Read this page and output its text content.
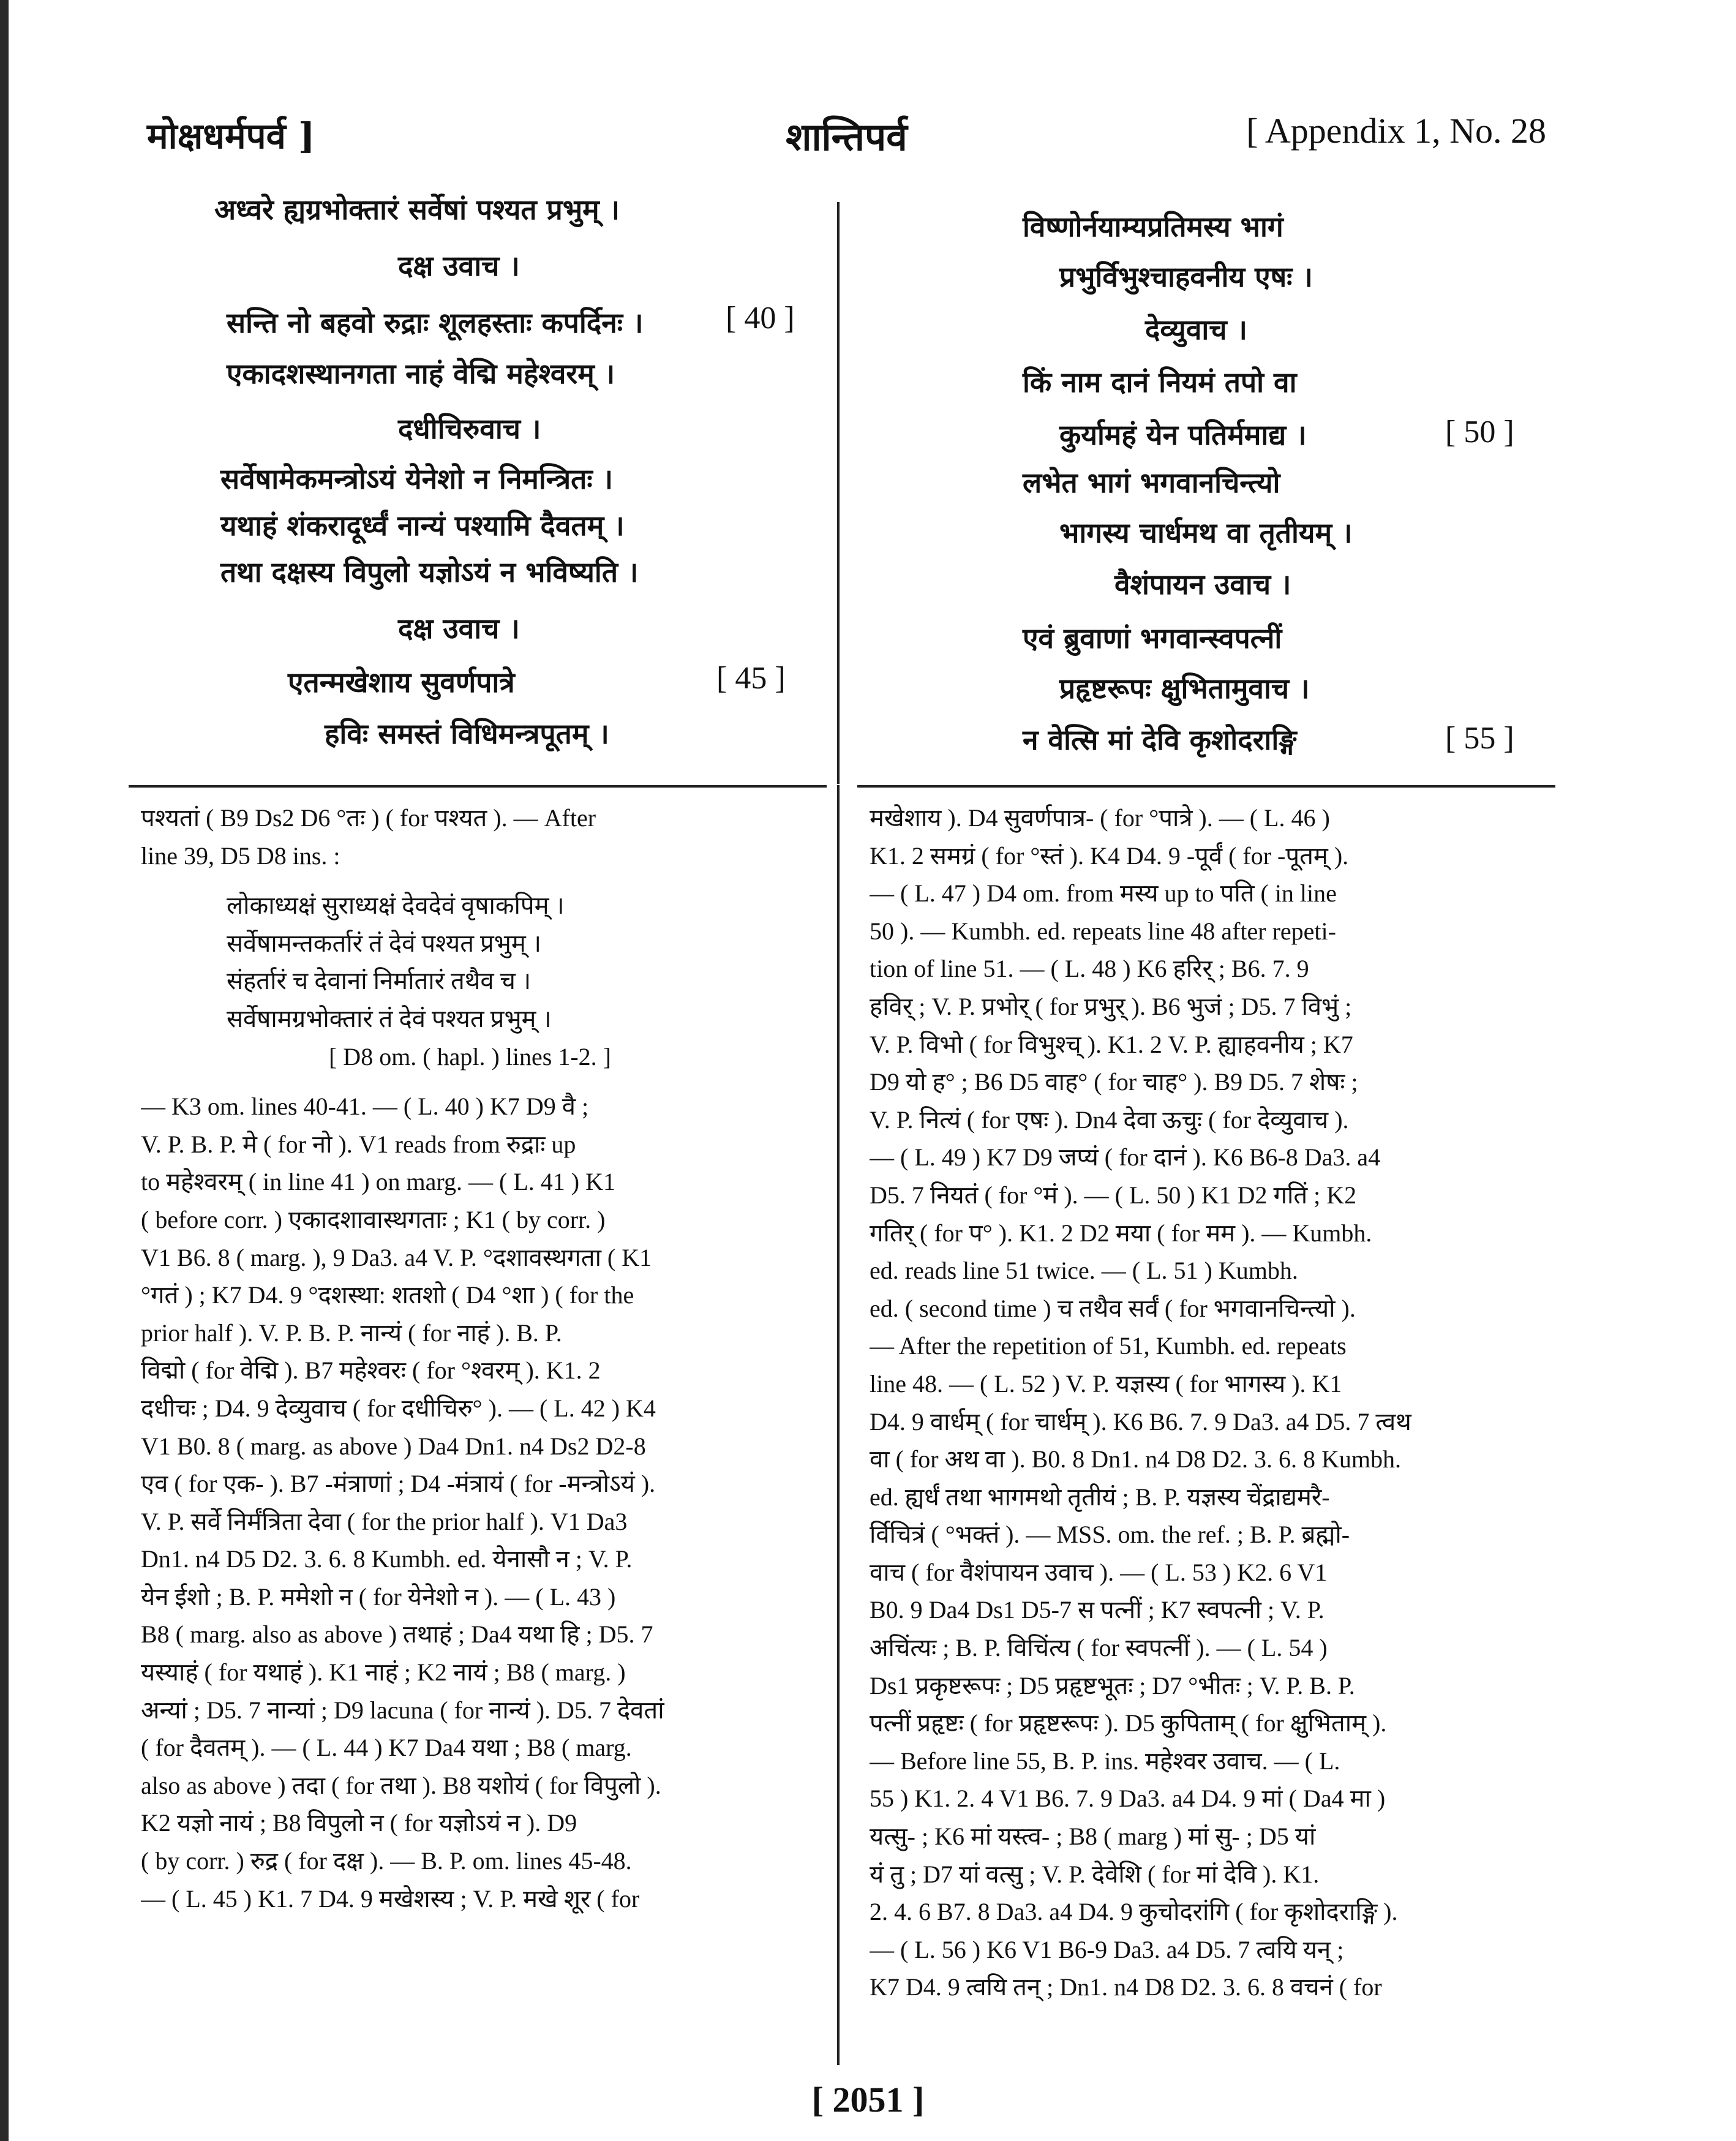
मोक्षधर्मपर्व ]	शान्तिपर्व	[ Appendix 1, No. 28
अध्वरे ह्यग्रभोक्तारं सर्वेषां पश्यत प्रभुम् ।
दक्ष उवाच ।
सन्ति नो बहवो रुद्राः शूलहस्ताः कपर्दिनः ।	[ 40 ]
एकादशस्थानगता नाहं वेद्मि महेश्वरम् ।
दधीचिरुवाच ।
सर्वेषामेकमन्त्रोऽयं येनेशो न निमन्त्रितः ।
यथाहं शंकरादूर्ध्वं नान्यं पश्यामि दैवतम् ।
तथा दक्षस्य विपुलो यज्ञोऽयं न भविष्यति ।
दक्ष उवाच ।
एतन्मखेशाय सुवर्णपात्रे	[ 45 ]
हविः समस्तं विधिमन्त्रपूतम् ।
विष्णोर्नयाम्यप्रतिमस्य भागं
प्रभुर्विभुश्चाहवनीय एषः ।
देव्युवाच ।
किं नाम दानं नियमं तपो वा
कुर्यामहं येन पतिर्ममाद्य ।	[ 50 ]
लभेत भागं भगवानचिन्त्यो
भागस्य चार्धमथ वा तृतीयम् ।
वैशंपायन उवाच ।
एवं ब्रुवाणां भगवान्स्वपत्नीं
प्रहृष्टरूपः क्षुभितामुवाच ।
न वेत्सि मां देवि कृशोदराङ्गि	[ 55 ]
पश्यतां ( B9 Ds2 D6 °तः ) ( for पश्यत ). — After
line 39, D5 D8 ins. :
लोकाध्यक्षं सुराध्यक्षं देवदेवं वृषाकपिम् ।
सर्वेषामन्तकर्तारं तं देवं पश्यत प्रभुम् ।
संहर्तारं च देवानां निर्मातारं तथैव च ।
सर्वेषामग्रभोक्तारं तं देवं पश्यत प्रभुम् ।
[ D8 om. ( hapl. ) lines 1-2. ]
— K3 om. lines 40-41. — ( L. 40 ) K7 D9 वै ;
V. P. B. P. मे ( for नो ). V1 reads from रुद्राः up
to महेश्वरम् ( in line 41 ) on marg. — ( L. 41 ) K1
( before corr. ) एकादशावास्थगताः ; K1 ( by corr. )
V1 B6. 8 ( marg. ), 9 Da3. a4 V. P. °दशावस्थगता ( K1
°गतं ) ; K7 D4. 9 °दशस्था: शतशो ( D4 °शा ) ( for the
prior half ). V. P. B. P. नान्यं ( for नाहं ). B. P.
विद्मो ( for वेद्मि ). B7 महेश्वरः ( for °श्वरम् ). K1. 2
दधीचः ; D4. 9 देव्युवाच ( for दधीचिरु° ). — ( L. 42 ) K4
V1 B0. 8 ( marg. as above ) Da4 Dn1. n4 Ds2 D2-8
एव ( for एक- ). B7 -मंत्राणां ; D4 -मंत्रायं ( for -मन्त्रोऽयं ).
V. P. सर्वे निर्मंत्रिता देवा ( for the prior half ). V1 Da3
Dn1. n4 D5 D2. 3. 6. 8 Kumbh. ed. येनासौ न ; V. P.
येन ईशो ; B. P. ममेशो न ( for येनेशो न ). — ( L. 43 )
B8 ( marg. also as above ) तथाहं ; Da4 यथा हि ; D5. 7
यस्याहं ( for यथाहं ). K1 नाहं ; K2 नायं ; B8 ( marg. )
अन्यां ; D5. 7 नान्यां ; D9 lacuna ( for नान्यं ). D5. 7 देवतां
( for दैवतम् ). — ( L. 44 ) K7 Da4 यथा ; B8 ( marg.
also as above ) तदा ( for तथा ). B8 यशोयं ( for विपुलो ).
K2 यज्ञो नायं ; B8 विपुलो न ( for यज्ञोऽयं न ). D9
( by corr. ) रुद्र ( for दक्ष ). — B. P. om. lines 45-48.
— ( L. 45 ) K1. 7 D4. 9 मखेशस्य ; V. P. मखे शूर ( for
मखेशाय ). D4 सुवर्णपात्र- ( for °पात्रे ). — ( L. 46 )
K1. 2 समग्रं ( for °स्तं ). K4 D4. 9 -पूर्वं ( for -पूतम् ).
— ( L. 47 ) D4 om. from मस्य up to पति ( in line
50 ). — Kumbh. ed. repeats line 48 after repeti-
tion of line 51. — ( L. 48 ) K6 हरिर् ; B6. 7. 9
हविर् ; V. P. प्रभोर् ( for प्रभुर् ). B6 भुजं ; D5. 7 विभुं ;
V. P. विभो ( for विभुश्च् ). K1. 2 V. P. ह्याहवनीय ; K7
D9 यो ह° ; B6 D5 वाह° ( for चाह° ). B9 D5. 7 शेषः ;
V. P. नित्यं ( for एषः ). Dn4 देवा ऊचुः ( for देव्युवाच ).
— ( L. 49 ) K7 D9 जप्यं ( for दानं ). K6 B6-8 Da3. a4
D5. 7 नियतं ( for °मं ). — ( L. 50 ) K1 D2 गतिं ; K2
गतिर् ( for प° ). K1. 2 D2 मया ( for मम ). — Kumbh.
ed. reads line 51 twice. — ( L. 51 ) Kumbh.
ed. ( second time ) च तथैव सर्वं ( for भगवानचिन्त्यो ).
— After the repetition of 51, Kumbh. ed. repeats
line 48. — ( L. 52 ) V. P. यज्ञस्य ( for भागस्य ). K1
D4. 9 वार्धम् ( for चार्धम् ). K6 B6. 7. 9 Da3. a4 D5. 7 त्वथ
वा ( for अथ वा ). B0. 8 Dn1. n4 D8 D2. 3. 6. 8 Kumbh.
ed. ह्यर्धं तथा भागमथो तृतीयं ; B. P. यज्ञस्य चेंद्राद्यमरै-
र्विचित्रं ( °भक्तं ). — MSS. om. the ref. ; B. P. ब्रह्मो-
वाच ( for वैशंपायन उवाच ). — ( L. 53 ) K2. 6 V1
B0. 9 Da4 Ds1 D5-7 स पत्नीं ; K7 स्वपत्नी ; V. P.
अचिंत्यः ; B. P. विचिंत्य ( for स्वपत्नीं ). — ( L. 54 )
Ds1 प्रकृष्टरूपः ; D5 प्रहृष्टभूतः ; D7 °भीतः ; V. P. B. P.
पत्नीं प्रहृष्टः ( for प्रहृष्टरूपः ). D5 कुपिताम् ( for क्षुभिताम् ).
— Before line 55, B. P. ins. महेश्वर उवाच. — ( L.
55 ) K1. 2. 4 V1 B6. 7. 9 Da3. a4 D4. 9 मां ( Da4 मा )
यत्सु- ; K6 मां यस्त्व- ; B8 ( marg ) मां सु- ; D5 यां
यं तु ; D7 यां वत्सु ; V. P. देवेशि ( for मां देवि ). K1.
2. 4. 6 B7. 8 Da3. a4 D4. 9 कुचोदरांगि ( for कृशोदराङ्गि ).
— ( L. 56 ) K6 V1 B6-9 Da3. a4 D5. 7 त्वयि यन् ;
K7 D4. 9 त्वयि तन् ; Dn1. n4 D8 D2. 3. 6. 8 वचनं ( for
[ 2051 ]
